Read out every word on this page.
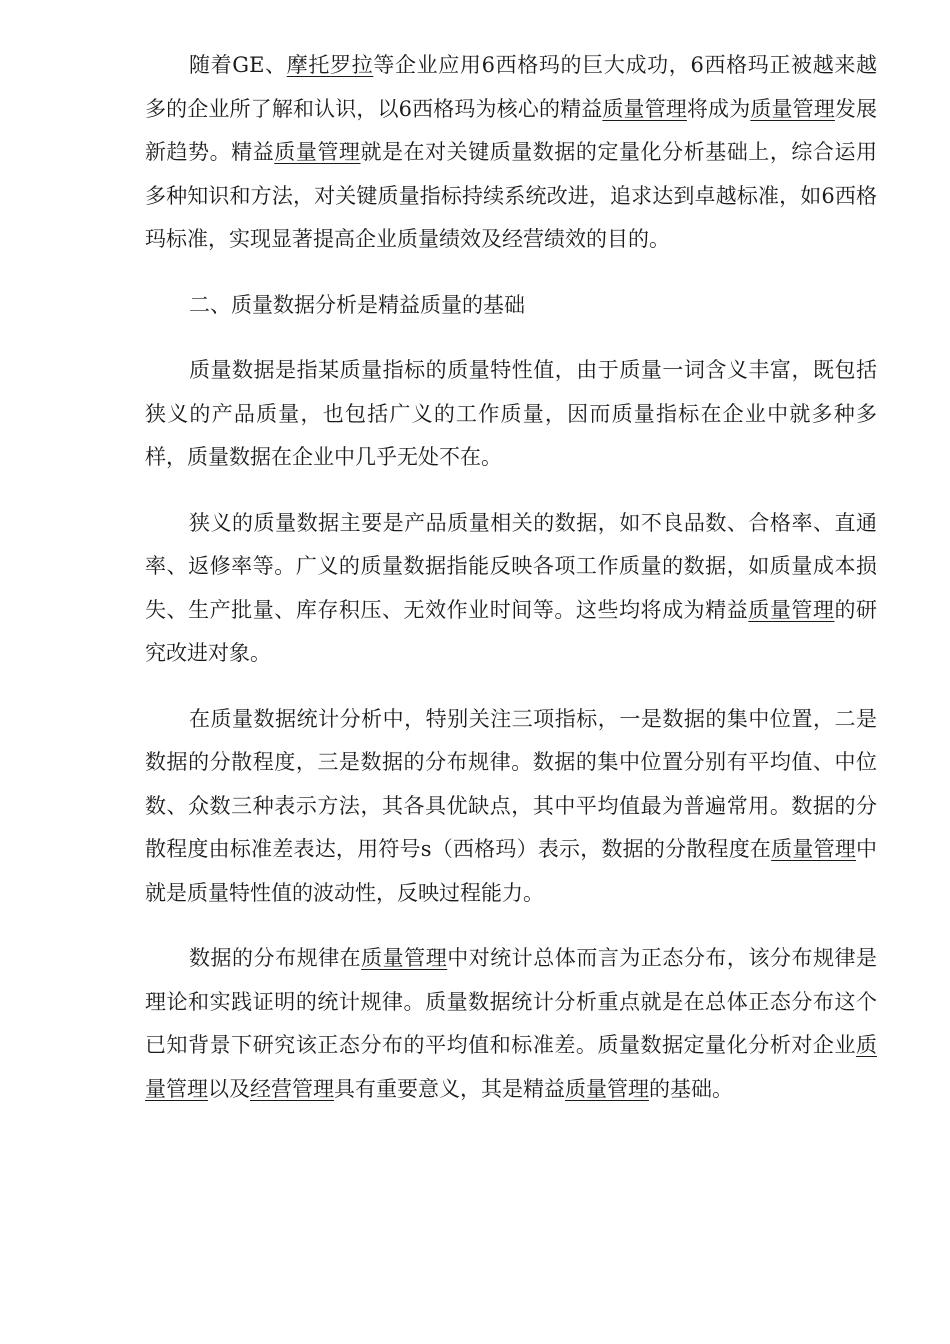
随着GE、摩托罗拉等企业应用6西格玛的巨大成功，6西格玛正被越来越多的企业所了解和认识，以6西格玛为核心的精益质量管理将成为质量管理发展新趋势。精益质量管理就是在对关键质量数据的定量化分析基础上，综合运用多种知识和方法，对关键质量指标持续系统改进，追求达到卓越标准，如6西格玛标准，实现显著提高企业质量绩效及经营绩效的目的。

二、质量数据分析是精益质量的基础

质量数据是指某质量指标的质量特性值，由于质量一词含义丰富，既包括狭义的产品质量，也包括广义的工作质量，因而质量指标在企业中就多种多样，质量数据在企业中几乎无处不在。

狭义的质量数据主要是产品质量相关的数据，如不良品数、合格率、直通率、返修率等。广义的质量数据指能反映各项工作质量的数据，如质量成本损失、生产批量、库存积压、无效作业时间等。这些均将成为精益质量管理的研究改进对象。

在质量数据统计分析中，特别关注三项指标，一是数据的集中位置，二是数据的分散程度，三是数据的分布规律。数据的集中位置分别有平均值、中位数、众数三种表示方法，其各具优缺点，其中平均值最为普遍常用。数据的分散程度由标准差表达，用符号s（西格玛）表示，数据的分散程度在质量管理中就是质量特性值的波动性，反映过程能力。

数据的分布规律在质量管理中对统计总体而言为正态分布，该分布规律是理论和实践证明的统计规律。质量数据统计分析重点就是在总体正态分布这个已知背景下研究该正态分布的平均值和标准差。质量数据定量化分析对企业质量管理以及经营管理具有重要意义，其是精益质量管理的基础。
